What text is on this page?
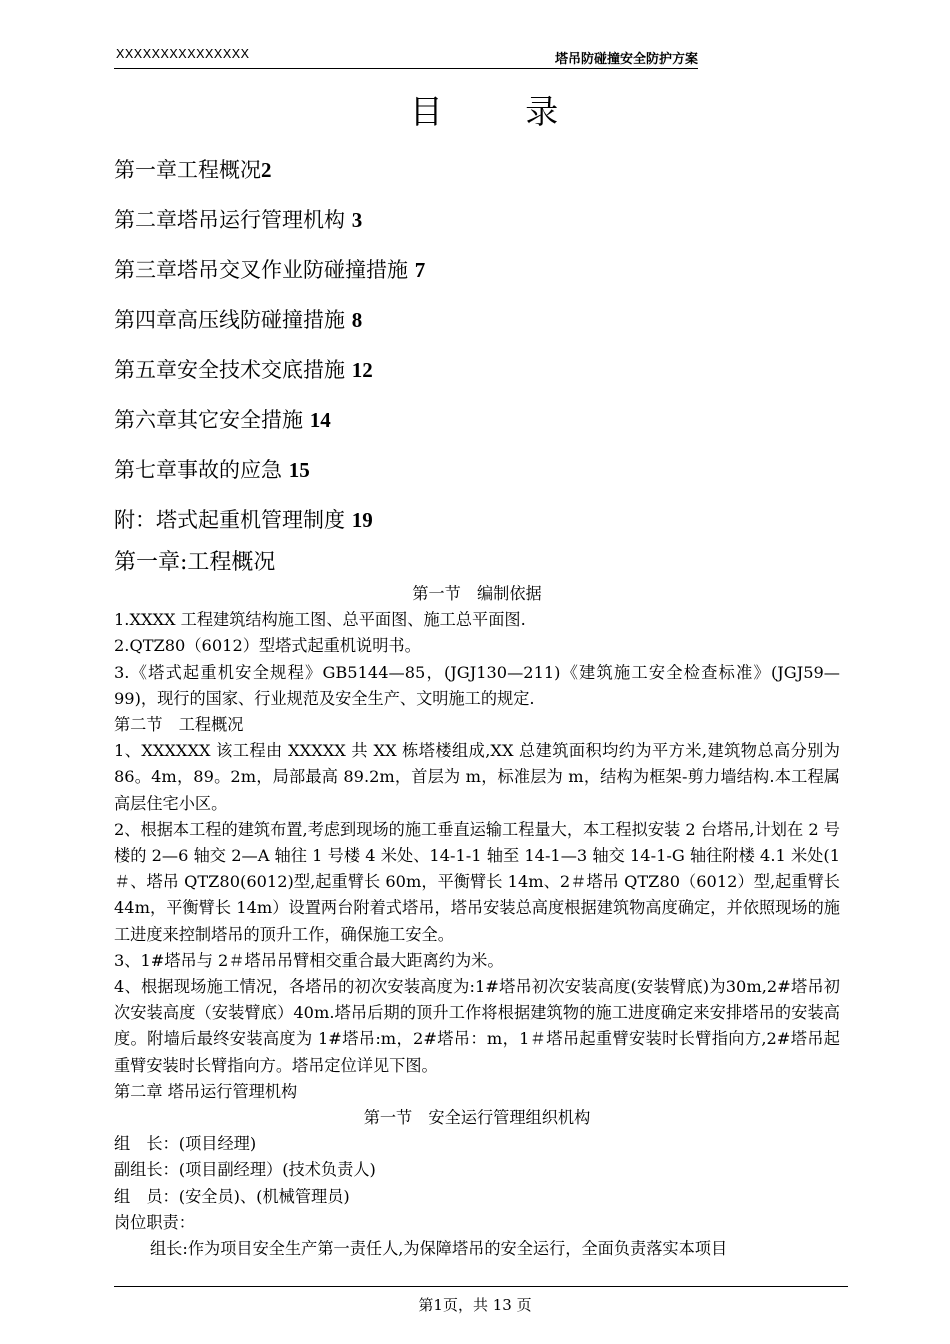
XXXXXXXXXXXXXXX	塔吊防碰撞安全防护方案
目 录
第一章工程概况2
第二章塔吊运行管理机构 3
第三章塔吊交叉作业防碰撞措施 7
第四章高压线防碰撞措施 8
第五章安全技术交底措施 12
第六章其它安全措施 14
第七章事故的应急 15
附：塔式起重机管理制度 19
第一章:工程概况

第一节　编制依据

1.XXXX 工程建筑结构施工图、总平面图、施工总平面图.

2.QTZ80（6012）型塔式起重机说明书。

3.《塔式起重机安全规程》GB5144—85，(JGJ130—211)《建筑施工安全检查标准》(JGJ59—99)，现行的国家、行业规范及安全生产、文明施工的规定.

第二节　工程概况

1、XXXXXX 该工程由 XXXXX 共 XX 栋塔楼组成,XX 总建筑面积均约为平方米,建筑物总高分别为 86。4m，89。2m，局部最高 89.2m，首层为 m，标准层为 m，结构为框架-剪力墙结构.本工程属高层住宅小区。

2、根据本工程的建筑布置,考虑到现场的施工垂直运输工程量大，本工程拟安装 2 台塔吊,计划在 2 号楼的 2—6 轴交 2—A 轴往 1 号楼 4 米处、14-1-1 轴至 14-1—3 轴交 14-1-G 轴往附楼 4.1 米处(1＃、塔吊 QTZ80(6012)型,起重臂长 60m，平衡臂长 14m、2＃塔吊 QTZ80（6012）型,起重臂长 44m，平衡臂长 14m）设置两台附着式塔吊，塔吊安装总高度根据建筑物高度确定，并依照现场的施工进度来控制塔吊的顶升工作，确保施工安全。

3、1#塔吊与 2＃塔吊吊臂相交重合最大距离约为米。

4、根据现场施工情况，各塔吊的初次安装高度为:1#塔吊初次安装高度(安装臂底)为30m,2#塔吊初次安装高度（安装臂底）40m.塔吊后期的顶升工作将根据建筑物的施工进度确定来安排塔吊的安装高度。附墙后最终安装高度为 1#塔吊:m，2#塔吊：m，1＃塔吊起重臂安装时长臂指向方,2#塔吊起重臂安装时长臂指向方。塔吊定位详见下图。

第二章 塔吊运行管理机构

第一节　安全运行管理组织机构

组　长：(项目经理)

副组长：(项目副经理）(技术负责人)

组　员：(安全员)、(机械管理员)

岗位职责：

组长:作为项目安全生产第一责任人,为保障塔吊的安全运行，全面负责落实本项目

第1页，共 13 页
